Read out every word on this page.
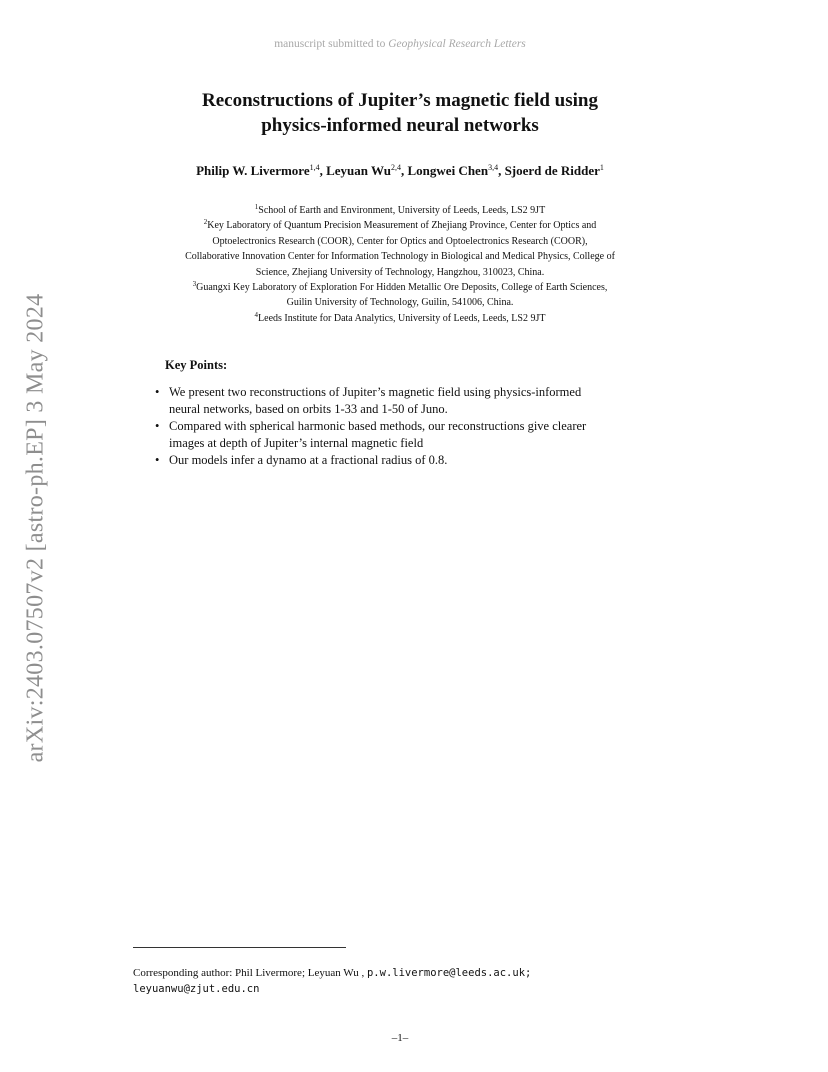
manuscript submitted to Geophysical Research Letters
arXiv:2403.07507v2 [astro-ph.EP] 3 May 2024
Reconstructions of Jupiter’s magnetic field using
physics-informed neural networks
Philip W. Livermore$^{1,4}$, Leyuan Wu$^{2,4}$, Longwei Chen$^{3,4}$, Sjoerd de Ridder$^1$
$^1$School of Earth and Environment, University of Leeds, Leeds, LS2 9JT
$^2$Key Laboratory of Quantum Precision Measurement of Zhejiang Province, Center for Optics and
Optoelectronics Research (COOR), Center for Optics and Optoelectronics Research (COOR),
Collaborative Innovation Center for Information Technology in Biological and Medical Physics, College of
Science, Zhejiang University of Technology, Hangzhou, 310023, China.
$^3$Guangxi Key Laboratory of Exploration For Hidden Metallic Ore Deposits, College of Earth Sciences,
Guilin University of Technology, Guilin, 541006, China.
$^4$Leeds Institute for Data Analytics, University of Leeds, Leeds, LS2 9JT
Key Points:
• We present two reconstructions of Jupiter’s magnetic field using physics-informed
neural networks, based on orbits 1-33 and 1-50 of Juno.
• Compared with spherical harmonic based methods, our reconstructions give clearer
images at depth of Jupiter’s internal magnetic field
• Our models infer a dynamo at a fractional radius of 0.8.
Corresponding author: Phil Livermore; Leyuan Wu , p.w.livermore@leeds.ac.uk;
leyuanwu@zjut.edu.cn
–1–
